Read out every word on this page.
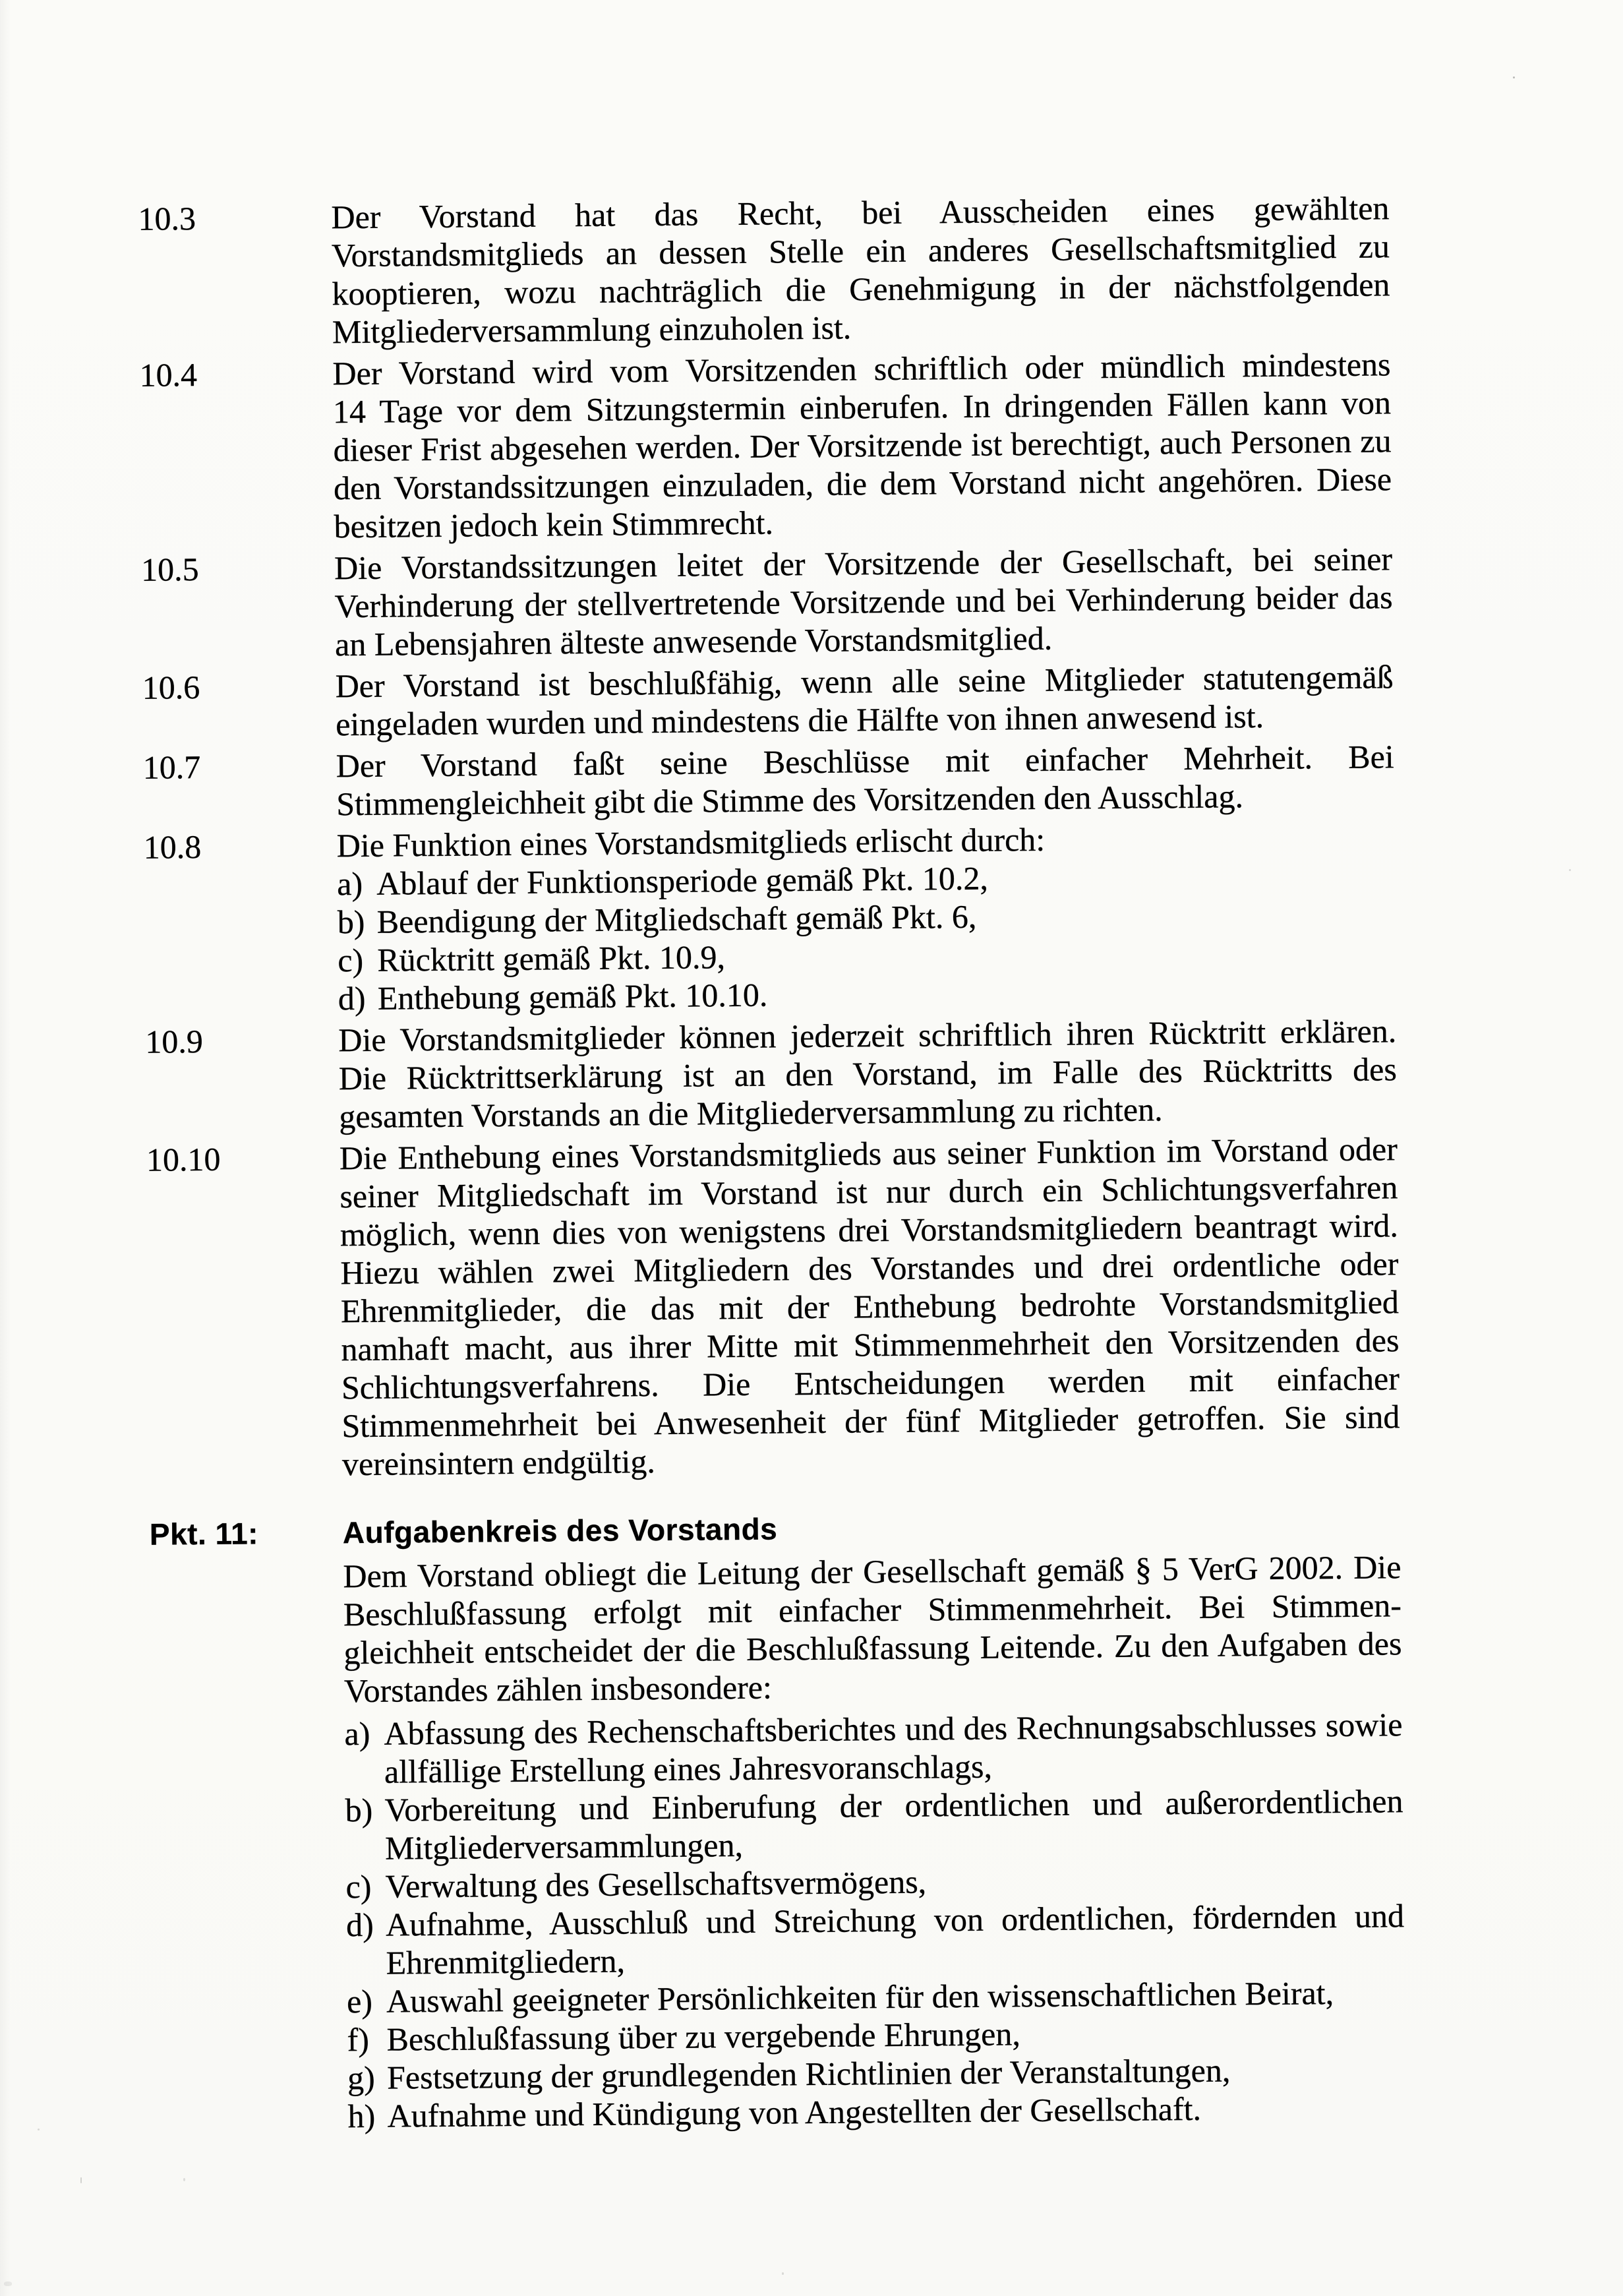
10.3	Der Vorstand hat das Recht, bei Ausscheiden eines gewählten
Vorstandsmitglieds an dessen Stelle ein anderes Gesellschaftsmitglied zu
kooptieren, wozu nachträglich die Genehmigung in der nächstfolgenden
Mitgliederversammlung einzuholen ist.
10.4	Der Vorstand wird vom Vorsitzenden schriftlich oder mündlich mindestens
14 Tage vor dem Sitzungstermin einberufen. In dringenden Fällen kann von
dieser Frist abgesehen werden. Der Vorsitzende ist berechtigt, auch Personen zu
den Vorstandssitzungen einzuladen, die dem Vorstand nicht angehören. Diese
besitzen jedoch kein Stimmrecht.
10.5	Die Vorstandssitzungen leitet der Vorsitzende der Gesellschaft, bei seiner
Verhinderung der stellvertretende Vorsitzende und bei Verhinderung beider das
an Lebensjahren älteste anwesende Vorstandsmitglied.
10.6	Der Vorstand ist beschlußfähig, wenn alle seine Mitglieder statutengemäß
eingeladen wurden und mindestens die Hälfte von ihnen anwesend ist.
10.7	Der Vorstand faßt seine Beschlüsse mit einfacher Mehrheit. Bei
Stimmengleichheit gibt die Stimme des Vorsitzenden den Ausschlag.
10.8	Die Funktion eines Vorstandsmitglieds erlischt durch:
a) Ablauf der Funktionsperiode gemäß Pkt. 10.2,
b) Beendigung der Mitgliedschaft gemäß Pkt. 6,
c) Rücktritt gemäß Pkt. 10.9,
d) Enthebung gemäß Pkt. 10.10.
10.9	Die Vorstandsmitglieder können jederzeit schriftlich ihren Rücktritt erklären.
Die Rücktrittserklärung ist an den Vorstand, im Falle des Rücktritts des
gesamten Vorstands an die Mitgliederversammlung zu richten.
10.10	Die Enthebung eines Vorstandsmitglieds aus seiner Funktion im Vorstand oder
seiner Mitgliedschaft im Vorstand ist nur durch ein Schlichtungsverfahren
möglich, wenn dies von wenigstens drei Vorstandsmitgliedern beantragt wird.
Hiezu wählen zwei Mitgliedern des Vorstandes und drei ordentliche oder
Ehrenmitglieder, die das mit der Enthebung bedrohte Vorstandsmitglied
namhaft macht, aus ihrer Mitte mit Stimmenmehrheit den Vorsitzenden des
Schlichtungsverfahrens. Die Entscheidungen werden mit einfacher
Stimmenmehrheit bei Anwesenheit der fünf Mitglieder getroffen. Sie sind
vereinsintern endgültig.
Pkt. 11:	Aufgabenkreis des Vorstands
Dem Vorstand obliegt die Leitung der Gesellschaft gemäß § 5 VerG 2002. Die
Beschlußfassung erfolgt mit einfacher Stimmenmehrheit. Bei Stimmen-
gleichheit entscheidet der die Beschlußfassung Leitende. Zu den Aufgaben des
Vorstandes zählen insbesondere:
a) Abfassung des Rechenschaftsberichtes und des Rechnungsabschlusses sowie
allfällige Erstellung eines Jahresvoranschlags,
b) Vorbereitung und Einberufung der ordentlichen und außerordentlichen
Mitgliederversammlungen,
c) Verwaltung des Gesellschaftsvermögens,
d) Aufnahme, Ausschluß und Streichung von ordentlichen, fördernden und
Ehrenmitgliedern,
e) Auswahl geeigneter Persönlichkeiten für den wissenschaftlichen Beirat,
f) Beschlußfassung über zu vergebende Ehrungen,
g) Festsetzung der grundlegenden Richtlinien der Veranstaltungen,
h) Aufnahme und Kündigung von Angestellten der Gesellschaft.
